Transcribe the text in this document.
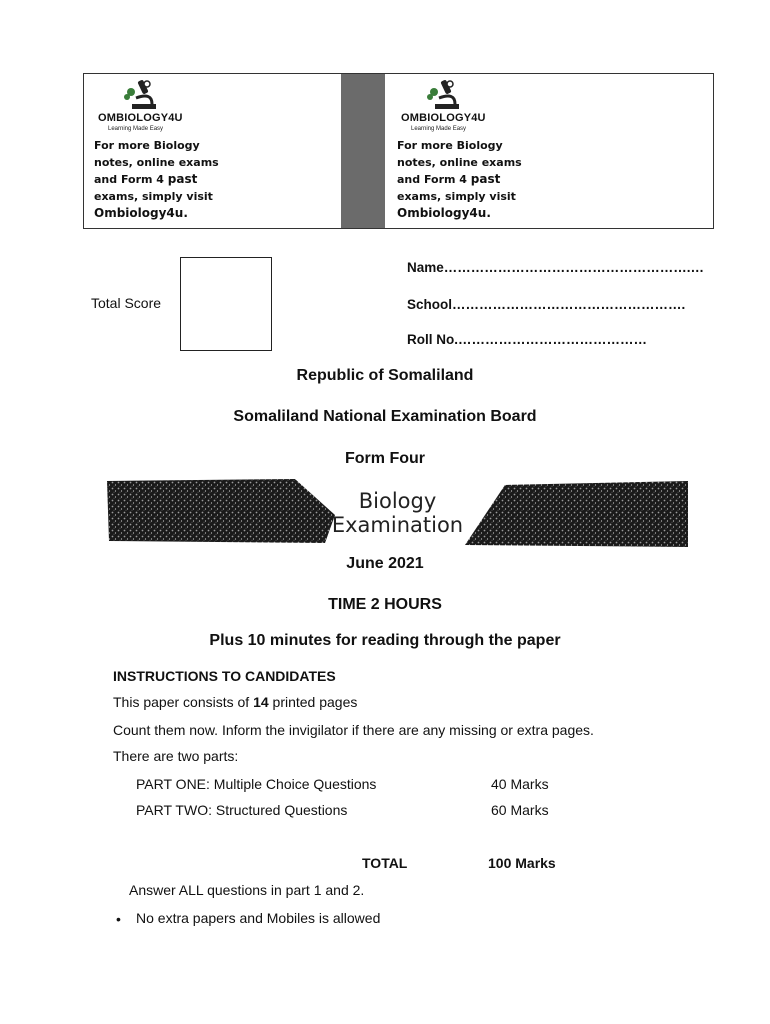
OMBIOLOGY4U
Learning Made Easy
For more Biology
notes, online exams
and Form 4 past
exams, simply visit
Ombiology4u.
OMBIOLOGY4U
Learning Made Easy
For more Biology
notes, online exams
and Form 4 past
exams, simply visit
Ombiology4u.
Total Score
Name……………………………………………….…
School…………………………………………….
Roll No.……………………………………
Republic of Somaliland
Somaliland National Examination Board
Form Four
Biology
Examination
June 2021
TIME 2 HOURS
Plus 10 minutes for reading through the paper
INSTRUCTIONS TO CANDIDATES
This paper consists of 14 printed pages
Count them now. Inform the invigilator if there are any missing or extra pages.
There are two parts:
PART ONE: Multiple Choice Questions	40 Marks
PART TWO: Structured Questions	60 Marks
TOTAL	100 Marks
Answer ALL questions in part 1 and 2.
• No extra papers and Mobiles is allowed
